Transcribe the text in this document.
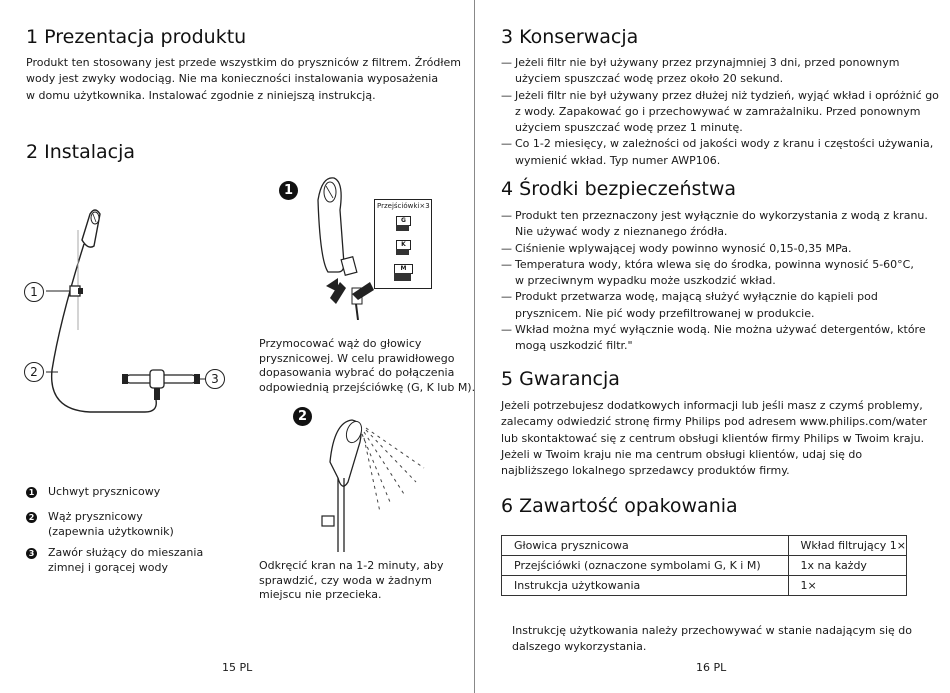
1 Prezentacja produktu
Produkt ten stosowany jest przede wszystkim do pryszniców z filtrem. Źródłem
wody jest zwyky wodociąg. Nie ma konieczności instalowania wyposażenia
w domu użytkownika. Instalować zgodnie z niniejszą instrukcją.
2 Instalacja
1
2	3
1
Przejściówki×3
G
K
M
Przymocować wąż do głowicy
prysznicowej. W celu prawidłowego
dopasowania wybrać do połączenia
odpowiednią przejściówkę (G, K lub M).
2
Odkręcić kran na 1-2 minuty, aby
sprawdzić, czy woda w żadnym
miejscu nie przecieka.
1 Uchwyt prysznicowy
2 Wąż prysznicowy
(zapewnia użytkownik)
3 Zawór służący do mieszania
zimnej i gorącej wody
15 PL
3 Konserwacja
— Jeżeli filtr nie był używany przez przynajmniej 3 dni, przed ponownym
użyciem spuszczać wodę przez około 20 sekund.
— Jeżeli filtr nie był używany przez dłużej niż tydzień, wyjąć wkład i opróżnić go
z wody. Zapakować go i przechowywać w zamrażalniku. Przed ponownym
użyciem spuszczać wodę przez 1 minutę.
— Co 1-2 miesięcy, w zależności od jakości wody z kranu i częstości używania,
wymienić wkład. Typ numer AWP106.
4 Środki bezpieczeństwa
— Produkt ten przeznaczony jest wyłącznie do wykorzystania z wodą z kranu.
Nie używać wody z nieznanego źródła.
— Ciśnienie wplywającej wody powinno wynosić 0,15-0,35 MPa.
— Temperatura wody, która wlewa się do środka, powinna wynosić 5-60°C,
w przeciwnym wypadku może uszkodzić wkład.
— Produkt przetwarza wodę, mającą służyć wyłącznie do kąpieli pod
prysznicem. Nie pić wody przefiltrowanej w produkcie.
— Wkład można myć wyłącznie wodą. Nie można używać detergentów, które
mogą uszkodzić filtr."
5 Gwarancja
Jeżeli potrzebujesz dodatkowych informacji lub jeśli masz z czymś problemy,
zalecamy odwiedzić stronę firmy Philips pod adresem www.philips.com/water
lub skontaktować się z centrum obsługi klientów firmy Philips w Twoim kraju.
Jeżeli w Twoim kraju nie ma centrum obsługi klientów, udaj się do
najbliższego lokalnego sprzedawcy produktów firmy.
6 Zawartość opakowania
Głowica prysznicowa	Wkład filtrujący 1×
Przejściówki (oznaczone symbolami G, K i M)	1x na każdy
Instrukcja użytkowania	1×
Instrukcję użytkowania należy przechowywać w stanie nadającym się do
dalszego wykorzystania.
16 PL
